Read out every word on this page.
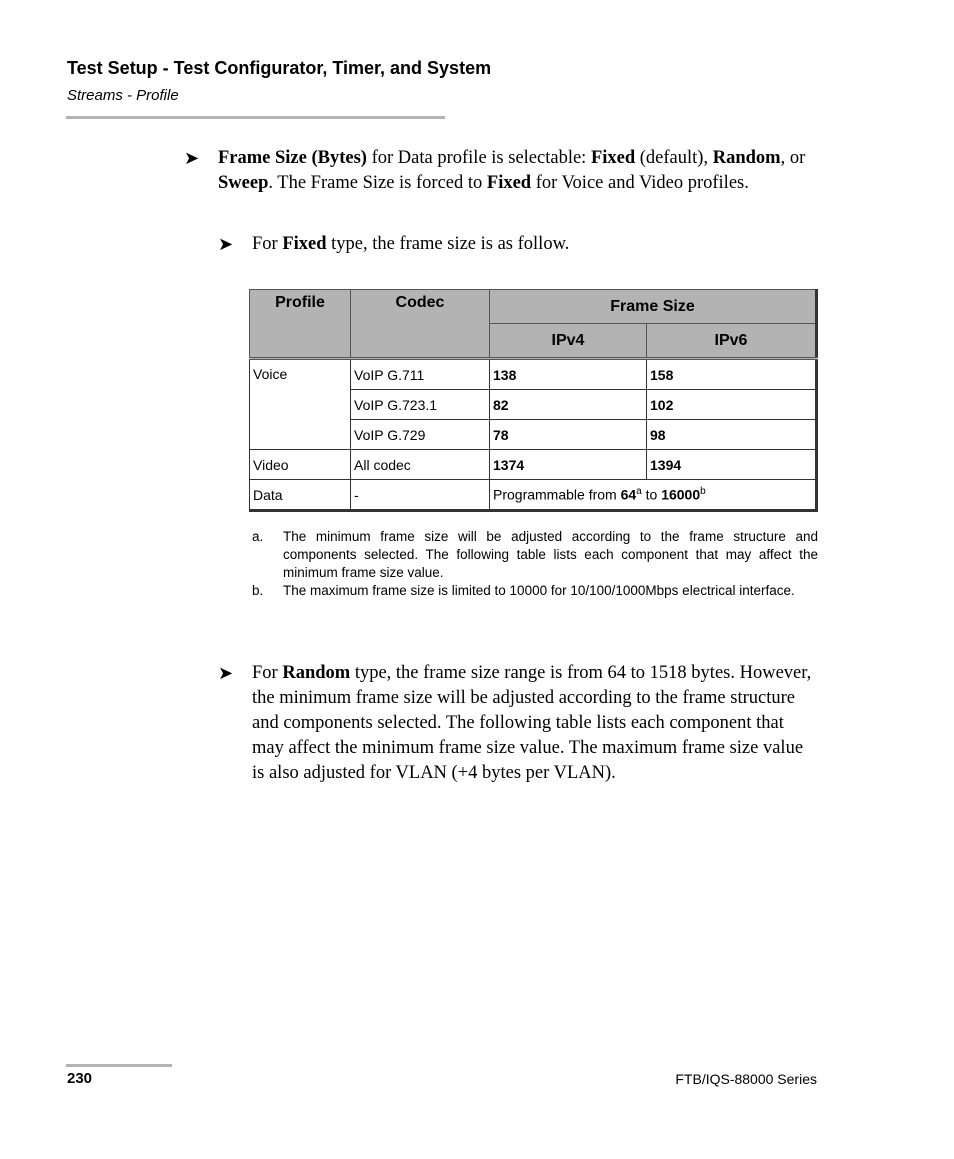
Test Setup - Test Configurator, Timer, and System
Streams - Profile
➤ Frame Size (Bytes) for Data profile is selectable: Fixed (default), Random, or Sweep. The Frame Size is forced to Fixed for Voice and Video profiles.
➤ For Fixed type, the frame size is as follow.
Profile	Codec	Frame Size	
		IPv4	IPv6
Voice	VoIP G.711	138	158
	VoIP G.723.1	82	102
	VoIP G.729	78	98
Video	All codec	1374	1394
Data	-	Programmable from 64$^a$ to 16000$^b$
a.	The minimum frame size will be adjusted according to the frame structure and components selected. The following table lists each component that may affect the minimum frame size value.
b.	The maximum frame size is limited to 10000 for 10/100/1000Mbps electrical interface.
➤ For Random type, the frame size range is from 64 to 1518 bytes. However, the minimum frame size will be adjusted according to the frame structure and components selected. The following table lists each component that may affect the minimum frame size value. The maximum frame size value is also adjusted for VLAN (+4 bytes per VLAN).
230	FTB/IQS-88000 Series
